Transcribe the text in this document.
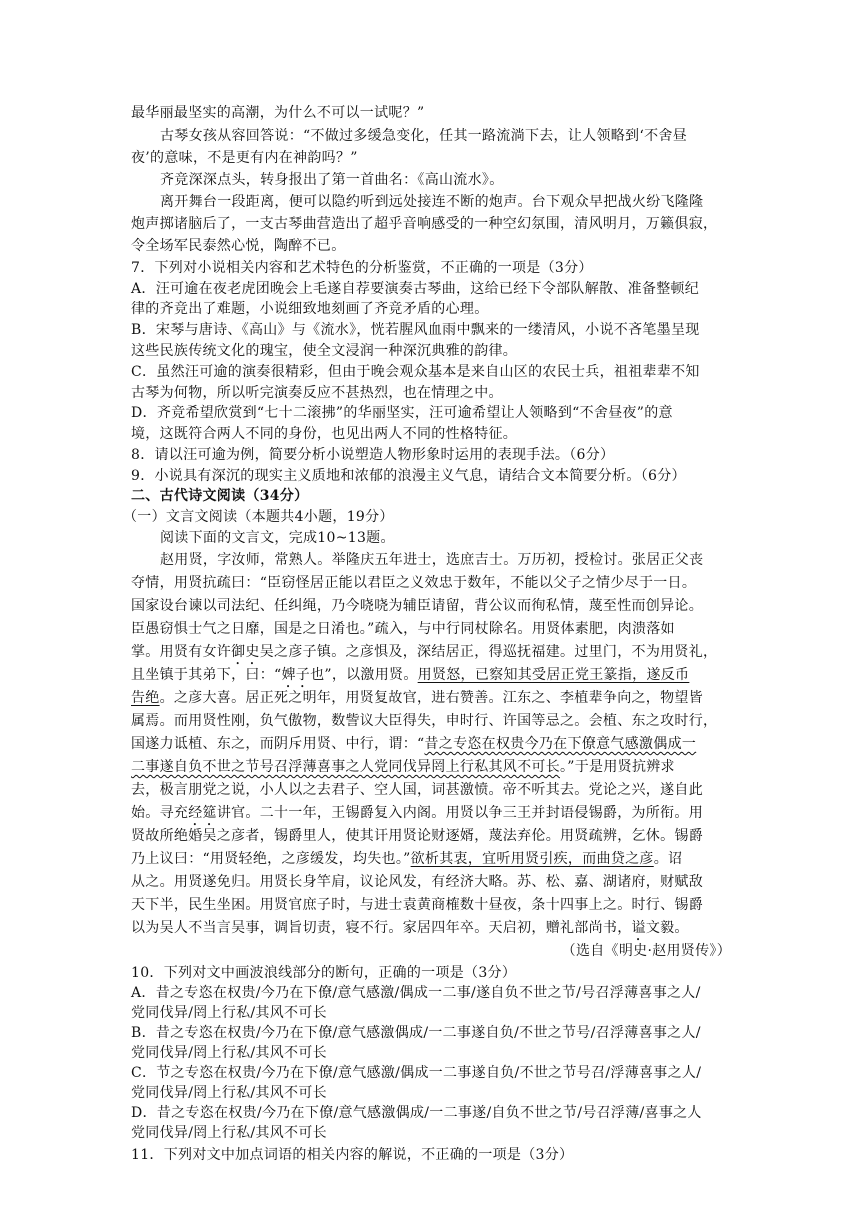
最华丽最坚实的高潮，为什么不可以一试呢？”
古琴女孩从容回答说：“不做过多缓急变化，任其一路流淌下去，让人领略到‘不舍昼
夜’的意味，不是更有内在神韵吗？”
齐竞深深点头，转身报出了第一首曲名：《高山流水》。
离开舞台一段距离，便可以隐约听到远处接连不断的炮声。台下观众早把战火纷飞隆隆
炮声掷诸脑后了，一支古琴曲营造出了超乎音响感受的一种空幻氛围，清风明月，万籁俱寂，
令全场军民泰然心悦，陶醉不已。
7．下列对小说相关内容和艺术特色的分析鉴赏，不正确的一项是（3分）
A．汪可逾在夜老虎团晚会上毛遂自荐要演奏古琴曲，这给已经下令部队解散、准备整顿纪
律的齐竞出了难题，小说细致地刻画了齐竞矛盾的心理。
B．宋琴与唐诗、《高山》与《流水》，恍若腥风血雨中飘来的一缕清风，小说不吝笔墨呈现
这些民族传统文化的瑰宝，使全文浸润一种深沉典雅的韵律。
C．虽然汪可逾的演奏很精彩，但由于晚会观众基本是来自山区的农民士兵，祖祖辈辈不知
古琴为何物，所以听完演奏反应不甚热烈，也在情理之中。
D．齐竞希望欣赏到“七十二滚拂”的华丽坚实，汪可逾希望让人领略到“不舍昼夜”的意
境，这既符合两人不同的身份，也见出两人不同的性格特征。
8．请以汪可逾为例，简要分析小说塑造人物形象时运用的表现手法。（6分）
9．小说具有深沉的现实主义质地和浓郁的浪漫主义气息，请结合文本简要分析。（6分）
二、古代诗文阅读（34分）
（一）文言文阅读（本题共4小题，19分）
阅读下面的文言文，完成10~13题。
赵用贤，字汝师，常熟人。举隆庆五年进士，选庶吉士。万历初，授检讨。张居正父丧
夺情，用贤抗疏曰：“臣窃怪居正能以君臣之义效忠于数年，不能以父子之情少尽于一日。
国家设台谏以司法纪、任纠绳，乃今哓哓为辅臣请留，背公议而徇私情，蔑至性而创异论。
臣愚窃惧士气之日靡，国是之日淆也。”疏入，与中行同杖除名。用贤体素肥，肉溃落如
掌。用贤有女许御史吴之彦子镇。之彦惧及，深结居正，得巡抚福建。过里门，不为用贤礼，
且坐镇于其弟下，曰：“婢子也”，以激用贤。用贤怒，已察知其受居正党王篆指，遂反币
告绝。之彦大喜。居正死之明年，用贤复故官，进右赞善。江东之、李植辈争向之，物望皆
属焉。而用贤性刚，负气傲物，数訾议大臣得失，申时行、许国等忌之。会植、东之攻时行，
国遂力诋植、东之，而阴斥用贤、中行，谓：“昔之专恣在权贵今乃在下僚意气感激偶成一
二事遂自负不世之节号召浮薄喜事之人党同伐异罔上行私其风不可长。”于是用贤抗辨求
去，极言朋党之说，小人以之去君子、空人国，词甚激愤。帝不听其去。党论之兴，遂自此
始。寻充经筵讲官。二十一年，王锡爵复入内阁。用贤以争三王并封语侵锡爵，为所衔。用
贤故所绝婚吴之彦者，锡爵里人，使其讦用贤论财逐婿，蔑法弃伦。用贤疏辨，乞休。锡爵
乃上议曰：“用贤轻绝，之彦缓发，均失也。”欲析其衷，宜听用贤引疾，而曲贷之彦。诏
从之。用贤遂免归。用贤长身竿肩，议论风发，有经济大略。苏、松、嘉、湖诸府，财赋敌
天下半，民生坐困。用贤官庶子时，与进士袁黄商榷数十昼夜，条十四事上之。时行、锡爵
以为吴人不当言吴事，调旨切责，寝不行。家居四年卒。天启初，赠礼部尚书，谥文毅。
（选自《明史·赵用贤传》）
10．下列对文中画波浪线部分的断句，正确的一项是（3分）
A．昔之专恣在权贵/今乃在下僚/意气感激/偶成一二事/遂自负不世之节/号召浮薄喜事之人/
党同伐异/罔上行私/其风不可长
B．昔之专恣在权贵/今乃在下僚/意气感激偶成/一二事遂自负/不世之节号/召浮薄喜事之人/
党同伐异/罔上行私/其风不可长
C．节之专恣在权贵/今乃在下僚/意气感激/偶成一二事遂自负/不世之节号召/浮薄喜事之人/
党同伐异/罔上行私/其风不可长
D．昔之专恣在权贵/今乃在下僚/意气感激偶成/一二事遂/自负不世之节/号召浮薄/喜事之人
党同伐异/罔上行私/其风不可长
11．下列对文中加点词语的相关内容的解说，不正确的一项是（3分）
